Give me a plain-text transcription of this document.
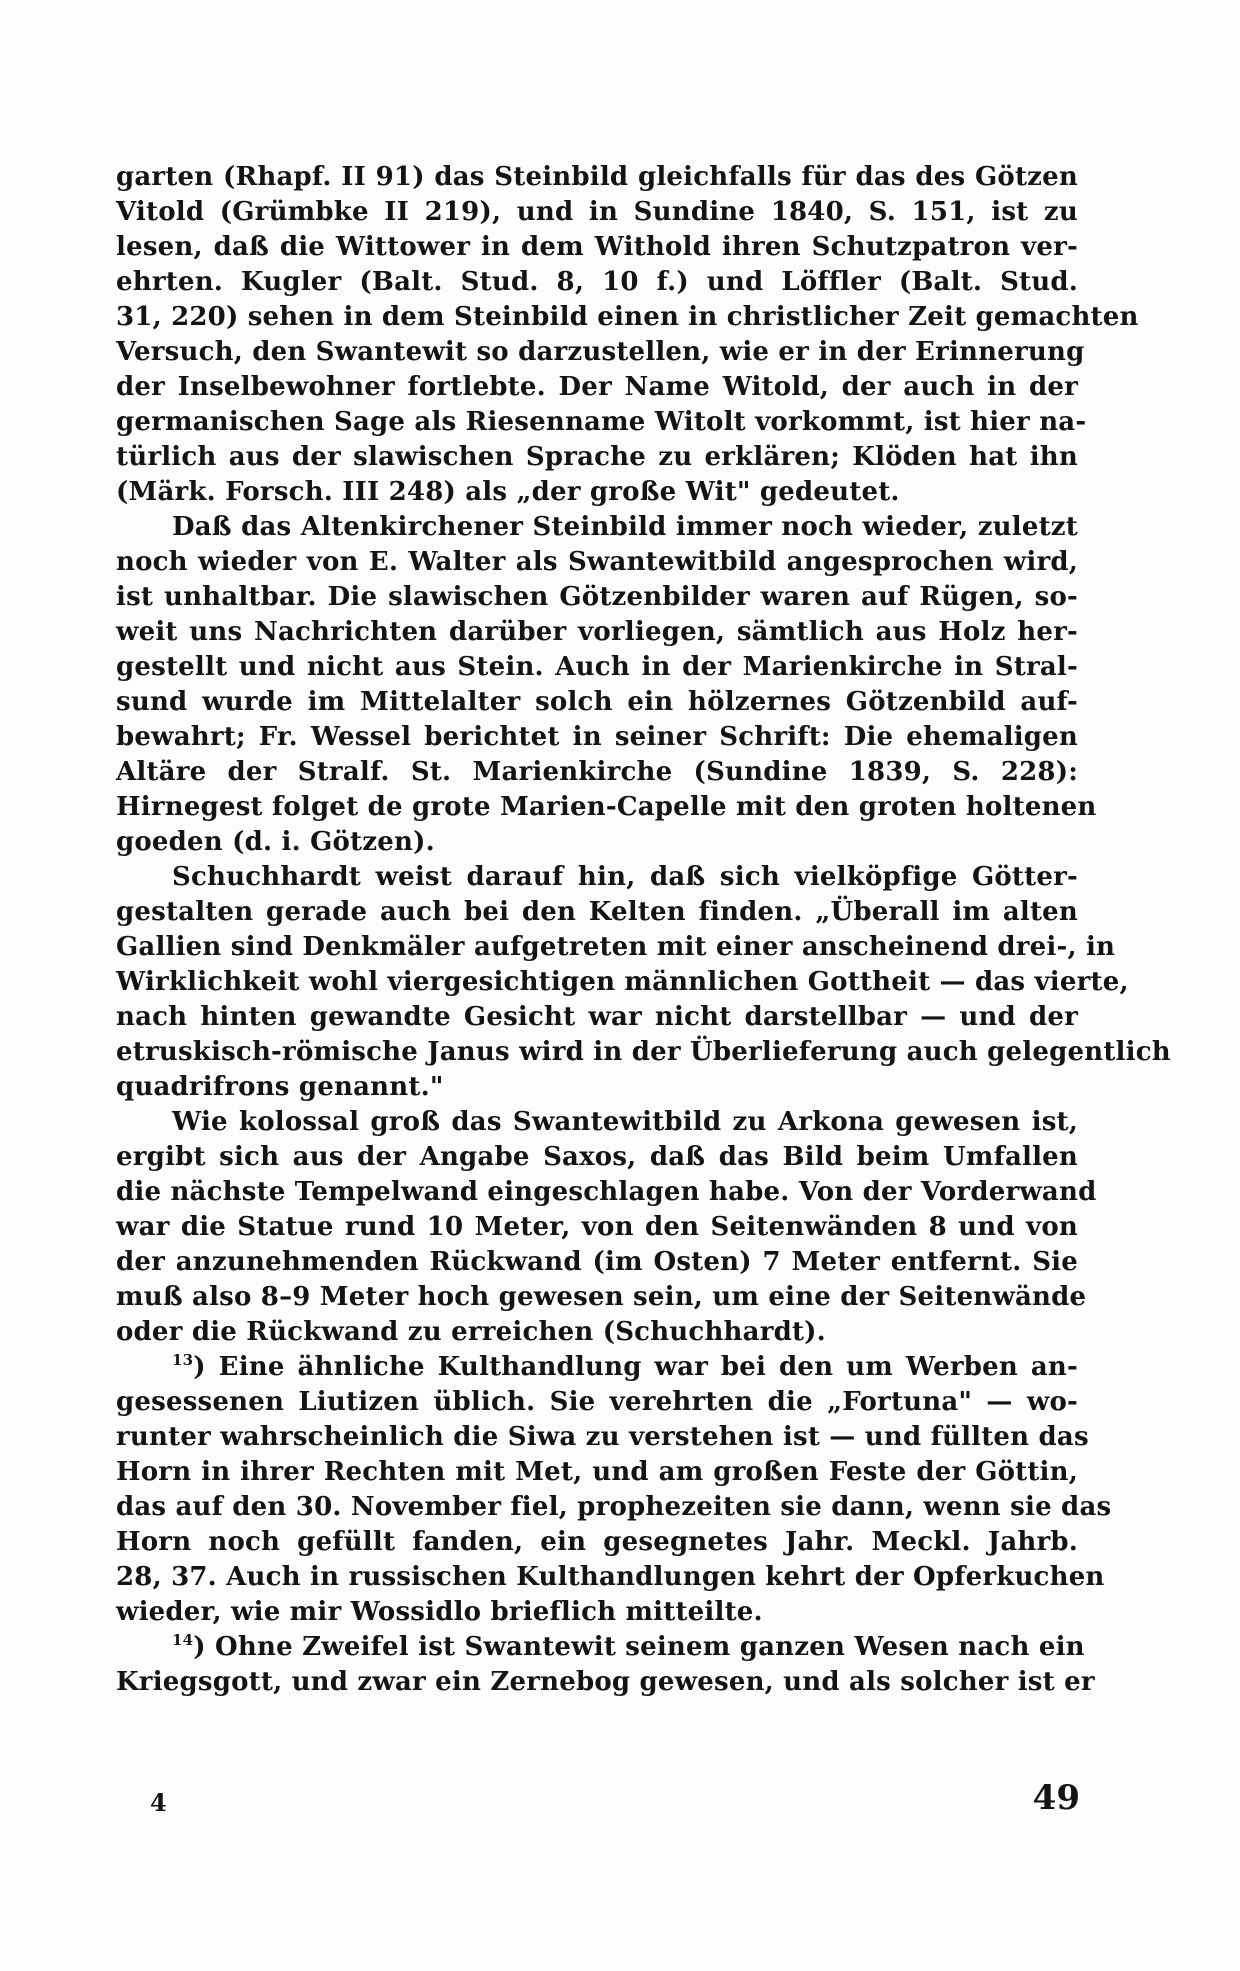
garten (Rhapf. II 91) das Steinbild gleichfalls für das des Götzen
Vitold (Grümbke II 219), und in Sundine 1840, S. 151, ist zu
lesen, daß die Wittower in dem Withold ihren Schutzpatron ver-
ehrten. Kugler (Balt. Stud. 8, 10 f.) und Löffler (Balt. Stud.
31, 220) sehen in dem Steinbild einen in christlicher Zeit gemachten
Versuch, den Swantewit so darzustellen, wie er in der Erinnerung
der Inselbewohner fortlebte. Der Name Witold, der auch in der
germanischen Sage als Riesenname Witolt vorkommt, ist hier na-
türlich aus der slawischen Sprache zu erklären; Klöden hat ihn
(Märk. Forsch. III 248) als „der große Wit" gedeutet.
Daß das Altenkirchener Steinbild immer noch wieder, zuletzt
noch wieder von E. Walter als Swantewitbild angesprochen wird,
ist unhaltbar. Die slawischen Götzenbilder waren auf Rügen, so-
weit uns Nachrichten darüber vorliegen, sämtlich aus Holz her-
gestellt und nicht aus Stein. Auch in der Marienkirche in Stral-
sund wurde im Mittelalter solch ein hölzernes Götzenbild auf-
bewahrt; Fr. Wessel berichtet in seiner Schrift: Die ehemaligen
Altäre der Stralf. St. Marienkirche (Sundine 1839, S. 228):
Hirnegest folget de grote Marien-Capelle mit den groten holtenen
goeden (d. i. Götzen).
Schuchhardt weist darauf hin, daß sich vielköpfige Götter-
gestalten gerade auch bei den Kelten finden. „Überall im alten
Gallien sind Denkmäler aufgetreten mit einer anscheinend drei-, in
Wirklichkeit wohl viergesichtigen männlichen Gottheit — das vierte,
nach hinten gewandte Gesicht war nicht darstellbar — und der
etruskisch-römische Janus wird in der Überlieferung auch gelegentlich
quadrifrons genannt."
Wie kolossal groß das Swantewitbild zu Arkona gewesen ist,
ergibt sich aus der Angabe Saxos, daß das Bild beim Umfallen
die nächste Tempelwand eingeschlagen habe. Von der Vorderwand
war die Statue rund 10 Meter, von den Seitenwänden 8 und von
der anzunehmenden Rückwand (im Osten) 7 Meter entfernt. Sie
muß also 8–9 Meter hoch gewesen sein, um eine der Seitenwände
oder die Rückwand zu erreichen (Schuchhardt).
$^{13}$) Eine ähnliche Kulthandlung war bei den um Werben an-
gesessenen Liutizen üblich. Sie verehrten die „Fortuna" — wo-
runter wahrscheinlich die Siwa zu verstehen ist — und füllten das
Horn in ihrer Rechten mit Met, und am großen Feste der Göttin,
das auf den 30. November fiel, prophezeiten sie dann, wenn sie das
Horn noch gefüllt fanden, ein gesegnetes Jahr. Meckl. Jahrb.
28, 37. Auch in russischen Kulthandlungen kehrt der Opferkuchen
wieder, wie mir Wossidlo brieflich mitteilte.
$^{14}$) Ohne Zweifel ist Swantewit seinem ganzen Wesen nach ein
Kriegsgott, und zwar ein Zernebog gewesen, und als solcher ist er
4	49
